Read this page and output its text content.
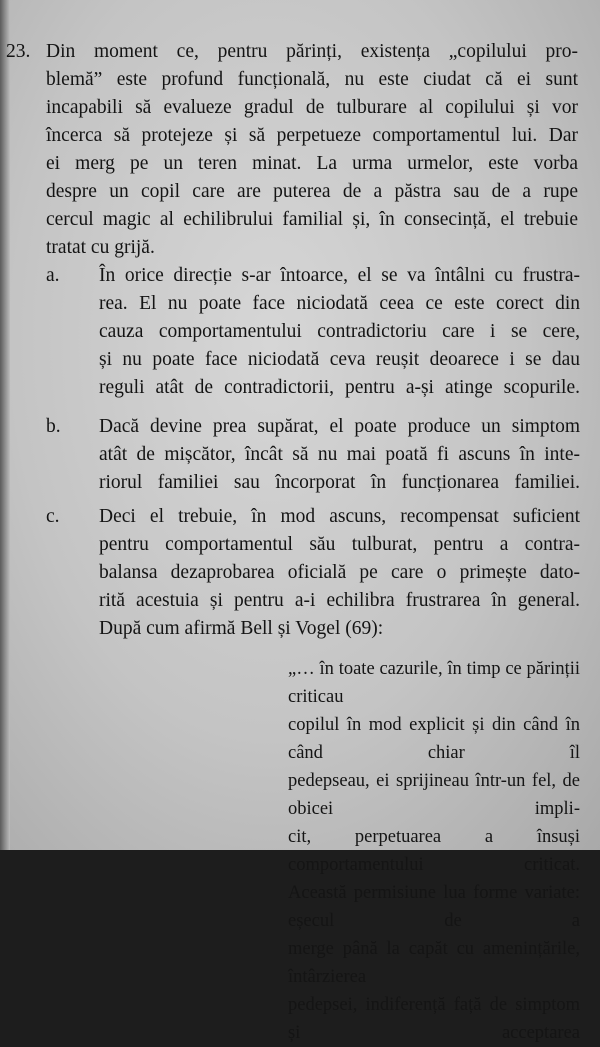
23. Din moment ce, pentru părinți, existența „copilului pro-

blemă” este profund funcțională, nu este ciudat că ei sunt

incapabili să evalueze gradul de tulburare al copilului și vor

încerca să protejeze și să perpetueze comportamentul lui. Dar

ei merg pe un teren minat. La urma urmelor, este vorba

despre un copil care are puterea de a păstra sau de a rupe

cercul magic al echilibrului familial și, în consecință, el trebuie

tratat cu grijă.

a. În orice direcție s-ar întoarce, el se va întâlni cu frustra-

rea. El nu poate face niciodată ceea ce este corect din

cauza comportamentului contradictoriu care i se cere,

și nu poate face niciodată ceva reușit deoarece i se dau

reguli atât de contradictorii, pentru a-și atinge scopurile.

b. Dacă devine prea supărat, el poate produce un simptom

atât de mișcător, încât să nu mai poată fi ascuns în inte-

riorul familiei sau încorporat în funcționarea familiei.

c. Deci el trebuie, în mod ascuns, recompensat suficient

pentru comportamentul său tulburat, pentru a contra-

balansa dezaprobarea oficială pe care o primește dato-

rită acestuia și pentru a-i echilibra frustrarea în general.

După cum afirmă Bell și Vogel (69):

„… în toate cazurile, în timp ce părinții criticau

copilul în mod explicit și din când în când chiar îl

pedepseau, ei sprijineau într-un fel, de obicei impli-

cit, perpetuarea a însuși comportamentului criticat.

Această permisiune lua forme variate: eșecul de a

merge până la capăt cu amenințările, întârzierea

pedepsei, indiferență față de simptom și acceptarea
